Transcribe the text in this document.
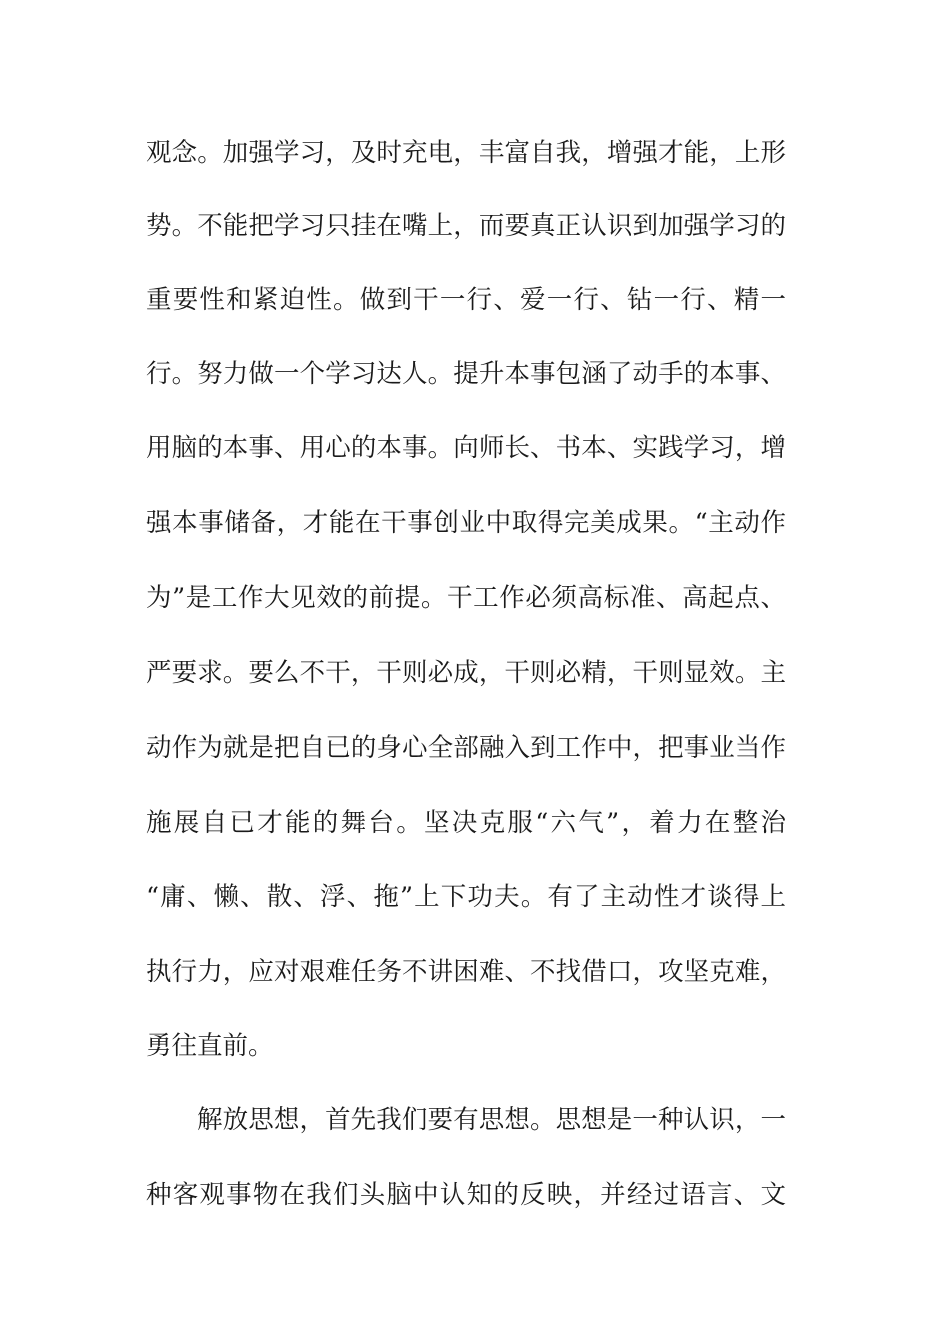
观念。加强学习，及时充电，丰富自我，增强才能，上形
势。不能把学习只挂在嘴上，而要真正认识到加强学习的
重要性和紧迫性。做到干一行、爱一行、钻一行、精一
行。努力做一个学习达人。提升本事包涵了动手的本事、
用脑的本事、用心的本事。向师长、书本、实践学习，增
强本事储备，才能在干事创业中取得完美成果。“主动作
为”是工作大见效的前提。干工作必须高标准、高起点、
严要求。要么不干，干则必成，干则必精，干则显效。主
动作为就是把自已的身心全部融入到工作中，把事业当作
施展自已才能的舞台。坚决克服“六气”，着力在整治
“庸、懒、散、浮、拖”上下功夫。有了主动性才谈得上
执行力，应对艰难任务不讲困难、不找借口，攻坚克难，
勇往直前。
解放思想，首先我们要有思想。思想是一种认识，一
种客观事物在我们头脑中认知的反映，并经过语言、文
